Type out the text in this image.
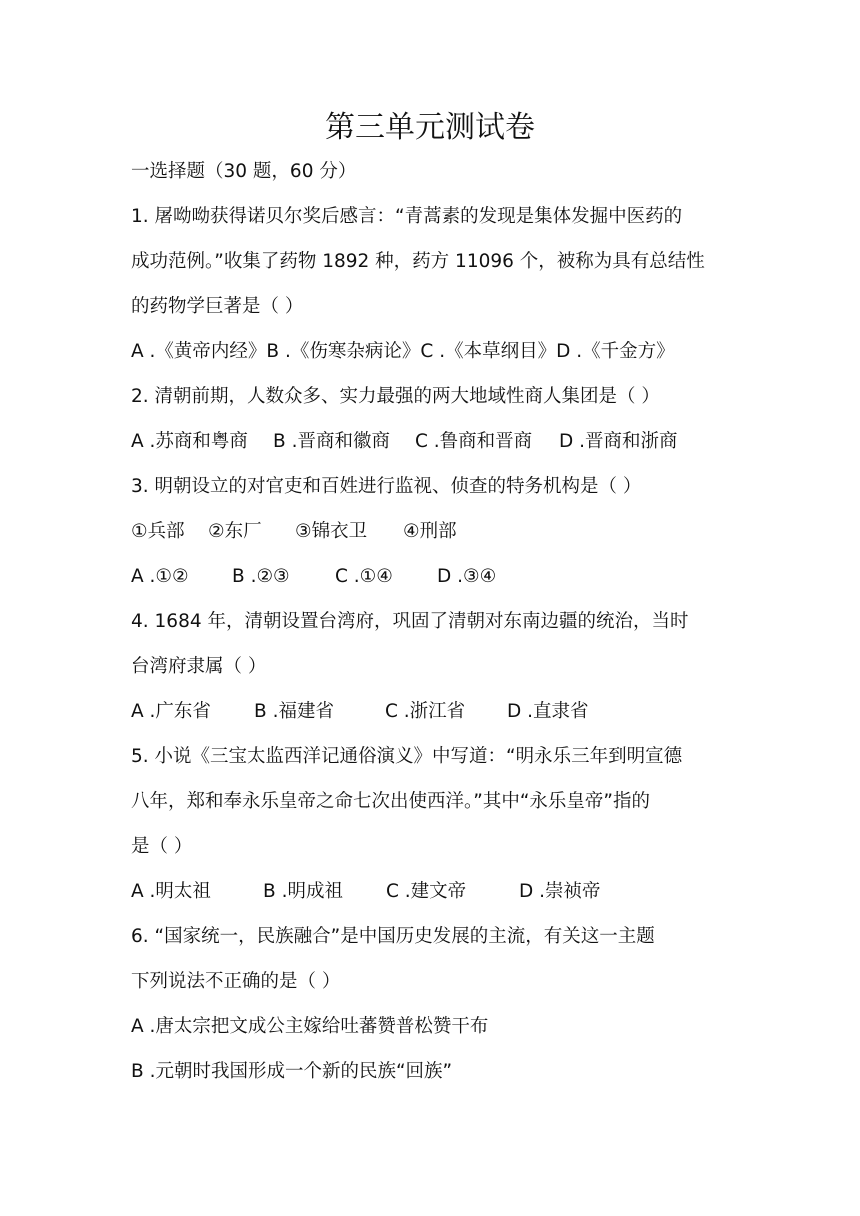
第三单元测试卷
一选择题（30 题，60 分）
1. 屠呦呦获得诺贝尔奖后感言：“青蒿素的发现是集体发掘中医药的
成功范例。”收集了药物 1892 种，药方 11096 个，被称为具有总结性
的药物学巨著是（ ）
A .《黄帝内经》B .《伤寒杂病论》C .《本草纲目》D .《千金方》
2. 清朝前期，人数众多、实力最强的两大地域性商人集团是（ ）
A .苏商和粤商 B .晋商和徽商 C .鲁商和晋商 D .晋商和浙商
3. 明朝设立的对官吏和百姓进行监视、侦查的特务机构是（ ）
①兵部 ②东厂 ③锦衣卫 ④刑部
A .①② B .②③ C .①④ D .③④
4. 1684 年，清朝设置台湾府，巩固了清朝对东南边疆的统治，当时
台湾府隶属（ ）
A .广东省 B .福建省	C .浙江省 D .直隶省
5. 小说《三宝太监西洋记通俗演义》中写道：“明永乐三年到明宣德
八年，郑和奉永乐皇帝之命七次出使西洋。”其中“永乐皇帝”指的
是（ ）
A .明太祖	B .明成祖 C .建文帝	D .崇祯帝
6. “国家统一，民族融合”是中国历史发展的主流，有关这一主题
下列说法不正确的是（ ）
A .唐太宗把文成公主嫁给吐蕃赞普松赞干布
B .元朝时我国形成一个新的民族“回族”
